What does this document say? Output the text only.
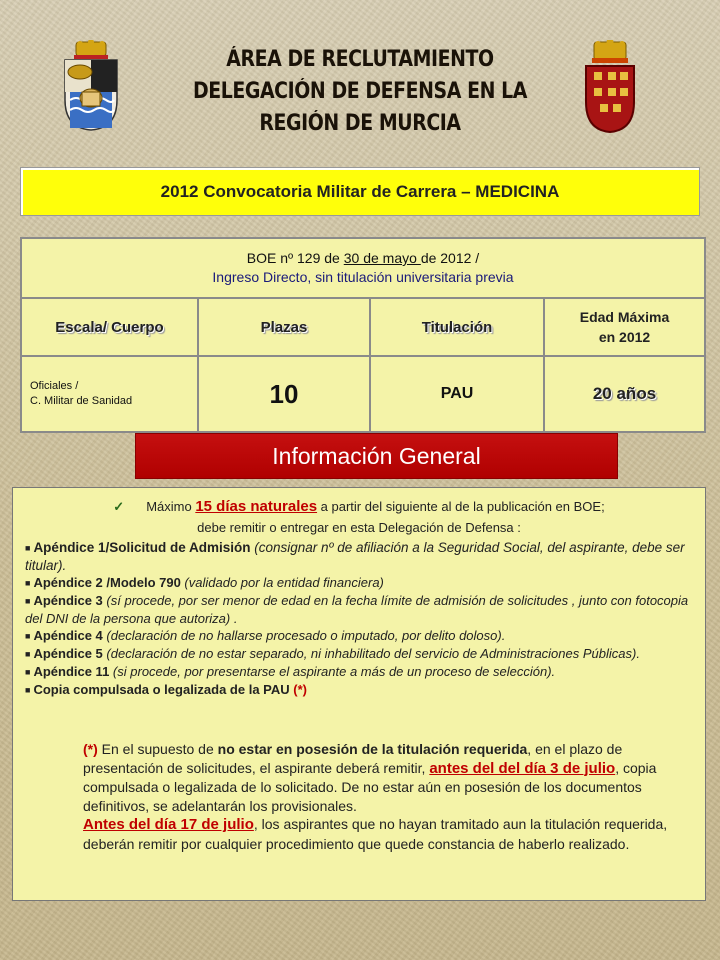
ÁREA DE RECLUTAMIENTO
DELEGACIÓN DE DEFENSA EN LA
REGIÓN DE MURCIA
2012 Convocatoria Militar de Carrera – MEDICINA
BOE nº 129 de 30 de mayo de 2012 /
Ingreso Directo, sin titulación universitaria previa			
Escala/ Cuerpo	Plazas	Titulación	Edad Máxima
en 2012

Oficiales /
C. Militar de Sanidad	10	PAU	20 años
Información General
✓ Máximo 15 días naturales a partir del siguiente al de la publicación en BOE;
debe remitir o entregar en esta Delegación de Defensa :
■ Apéndice 1/Solicitud de Admisión (consignar nº de afiliación a la Seguridad Social, del aspirante, debe ser titular).
■ Apéndice 2 /Modelo 790 (validado por la entidad financiera)
■ Apéndice 3 (sí procede, por ser menor de edad en la fecha límite de admisión de solicitudes , junto con fotocopia del DNI de la persona que autoriza) .
■ Apéndice 4 (declaración de no hallarse procesado o imputado, por delito doloso).
■ Apéndice 5 (declaración de no estar separado, ni inhabilitado del servicio de Administraciones Públicas).
■ Apéndice 11 (si procede, por presentarse el aspirante a más de un proceso de selección).
■ Copia compulsada o legalizada de la PAU (*)
(*) En el supuesto de no estar en posesión de la titulación requerida, en el plazo de presentación de solicitudes, el aspirante deberá remitir, antes del del día 3 de julio, copia compulsada o legalizada de lo solicitado. De no estar aún en posesión de los documentos definitivos, se adelantarán los provisionales.
Antes del día 17 de julio, los aspirantes que no hayan tramitado aun la titulación requerida, deberán remitir por cualquier procedimiento que quede constancia de haberlo realizado.
